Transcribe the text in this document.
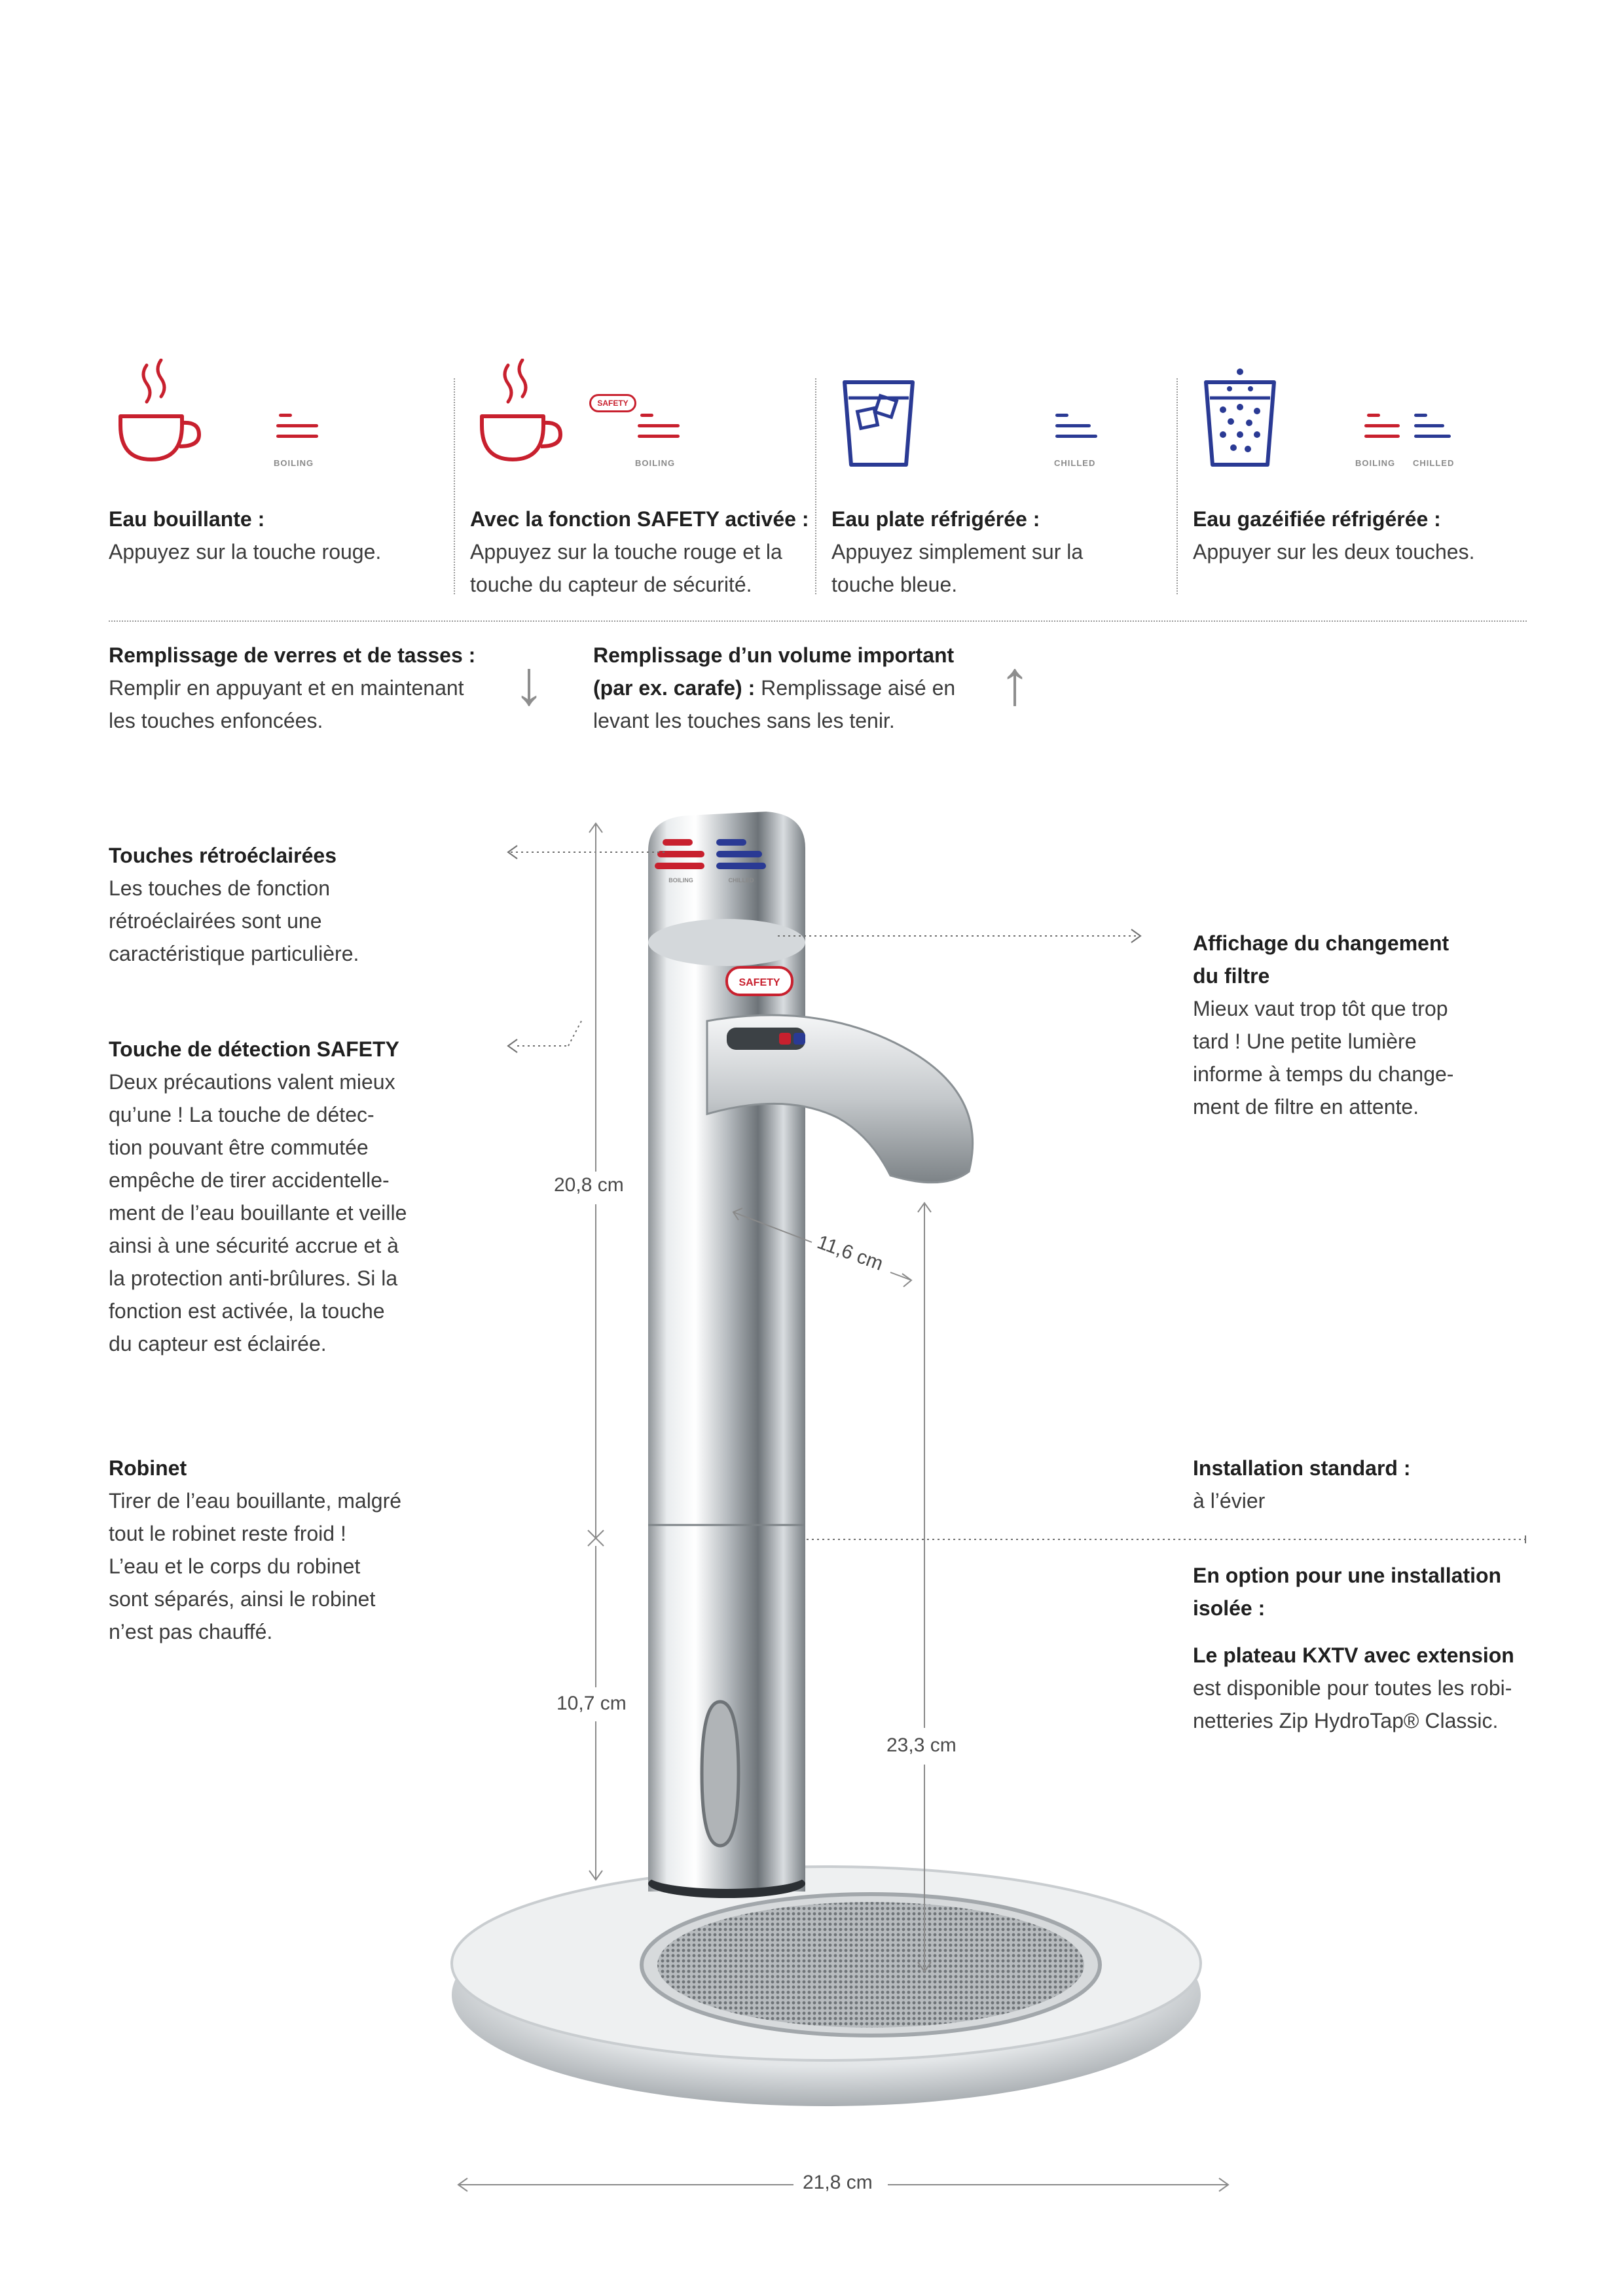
BOILING
Eau bouillante :
Appuyez sur la touche rouge.
SAFETY
BOILING
Avec la fonction SAFETY activée :
Appuyez sur la touche rouge et la
touche du capteur de sécurité.
CHILLED
Eau plate réfrigérée :
Appuyez simplement sur la
touche bleue.
BOILING CHILLED
Eau gazéifiée réfrigérée :
Appuyer sur les deux touches.
Remplissage de verres et de tasses :
Remplir en appuyant et en maintenant
les touches enfoncées.
↓ Remplissage d’un volume important
(par ex. carafe) : Remplissage aisé en
levant les touches sans les tenir.
↑
Touches rétroéclairées
Les touches de fonction
rétroéclairées sont une
caractéristique particulière.
Touche de détection SAFETY
Deux précautions valent mieux
qu’une ! La touche de détec-
tion pouvant être commutée
empêche de tirer accidentelle-
ment de l’eau bouillante et veille
ainsi à une sécurité accrue et à
la protection anti-brûlures. Si la
fonction est activée, la touche
du capteur est éclairée.
Robinet
Tirer de l’eau bouillante, malgré
tout le robinet reste froid !
L’eau et le corps du robinet
sont séparés, ainsi le robinet
n’est pas chauffé.
Affichage du changement
du filtre
Mieux vaut trop tôt que trop
tard ! Une petite lumière
informe à temps du change-
ment de filtre en attente.
Installation standard :
à l’évier
En option pour une installation
isolée :
Le plateau KXTV avec extension
est disponible pour toutes les robi-
netteries Zip HydroTap® Classic.
SAFETY
BOILING	CHILLED
20,8 cm
11,6 cm
10,7 cm
23,3 cm
21,8 cm
